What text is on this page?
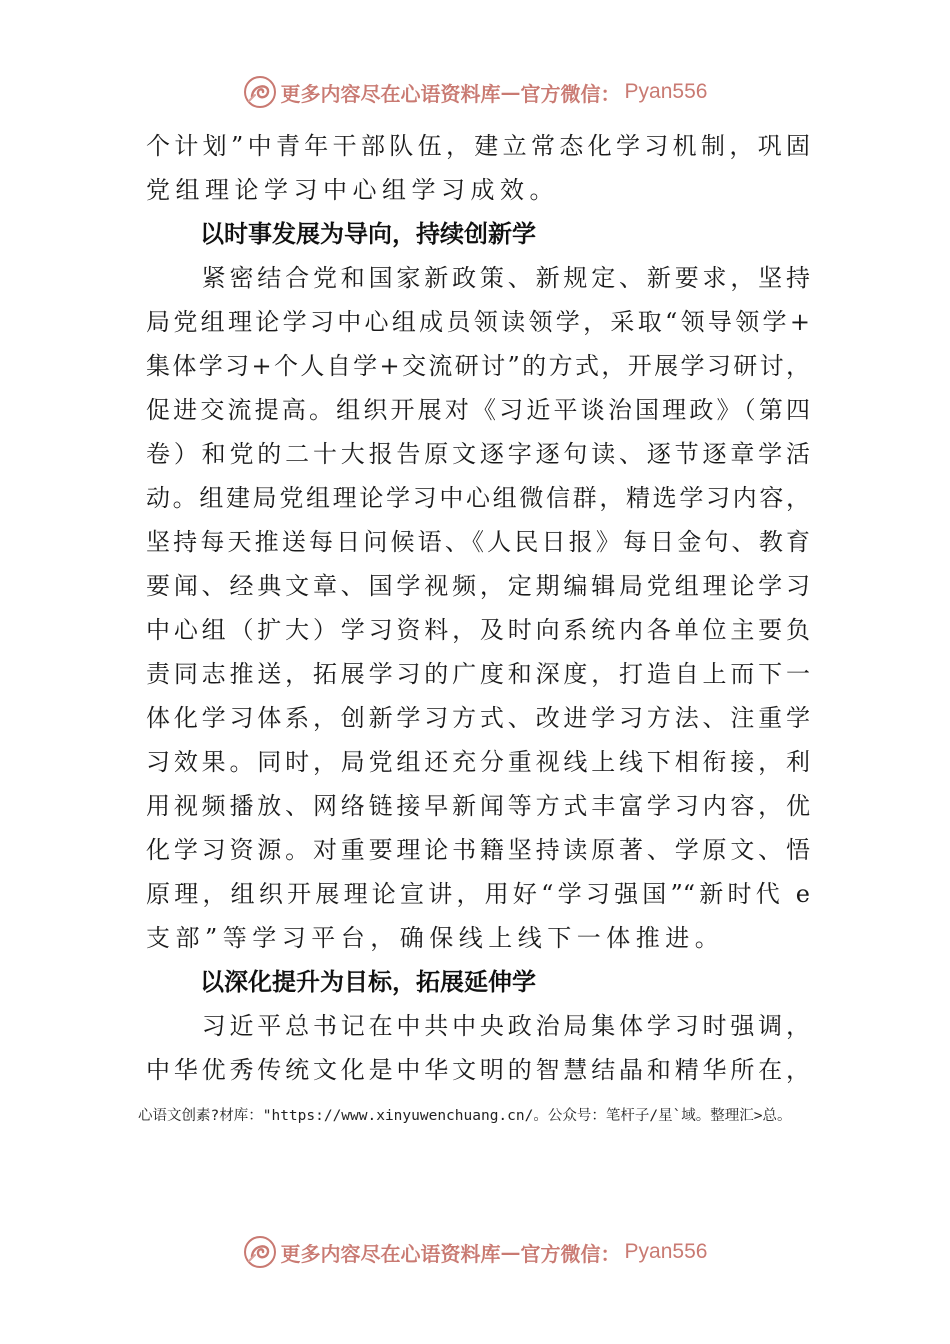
更多内容尽在心语资料库 — 官方微信： Pyan556
个计划”中青年干部队伍，建立常态化学习机制，巩固
党组理论学习中心组学习成效。
以时事发展为导向，持续创新学
　　紧密结合党和国家新政策、新规定、新要求，坚持
局党组理论学习中心组成员领读领学，采取“领导领学+
集体学习+个人自学+交流研讨”的方式，开展学习研讨，
促进交流提高。组织开展对《习近平谈治国理政》（第四
卷）和党的二十大报告原文逐字逐句读、逐节逐章学活
动。组建局党组理论学习中心组微信群，精选学习内容，
坚持每天推送每日问候语、《人民日报》每日金句、教育
要闻、经典文章、国学视频，定期编辑局党组理论学习
中心组（扩大）学习资料，及时向系统内各单位主要负
责同志推送，拓展学习的广度和深度，打造自上而下一
体化学习体系，创新学习方式、改进学习方法、注重学
习效果。同时，局党组还充分重视线上线下相衔接，利
用视频播放、网络链接早新闻等方式丰富学习内容，优
化学习资源。对重要理论书籍坚持读原著、学原文、悟
原理，组织开展理论宣讲，用好“学习强国”“新时代 e
支部”等学习平台，确保线上线下一体推进。
以深化提升为目标，拓展延伸学
　　习近平总书记在中共中央政治局集体学习时强调，
中华优秀传统文化是中华文明的智慧结晶和精华所在，
心语文创素?材库："https://www.xinyuwenchuang.cn/。公众号：笔杆子/星`域。整理汇>总。
更多内容尽在心语资料库 — 官方微信： Pyan556
